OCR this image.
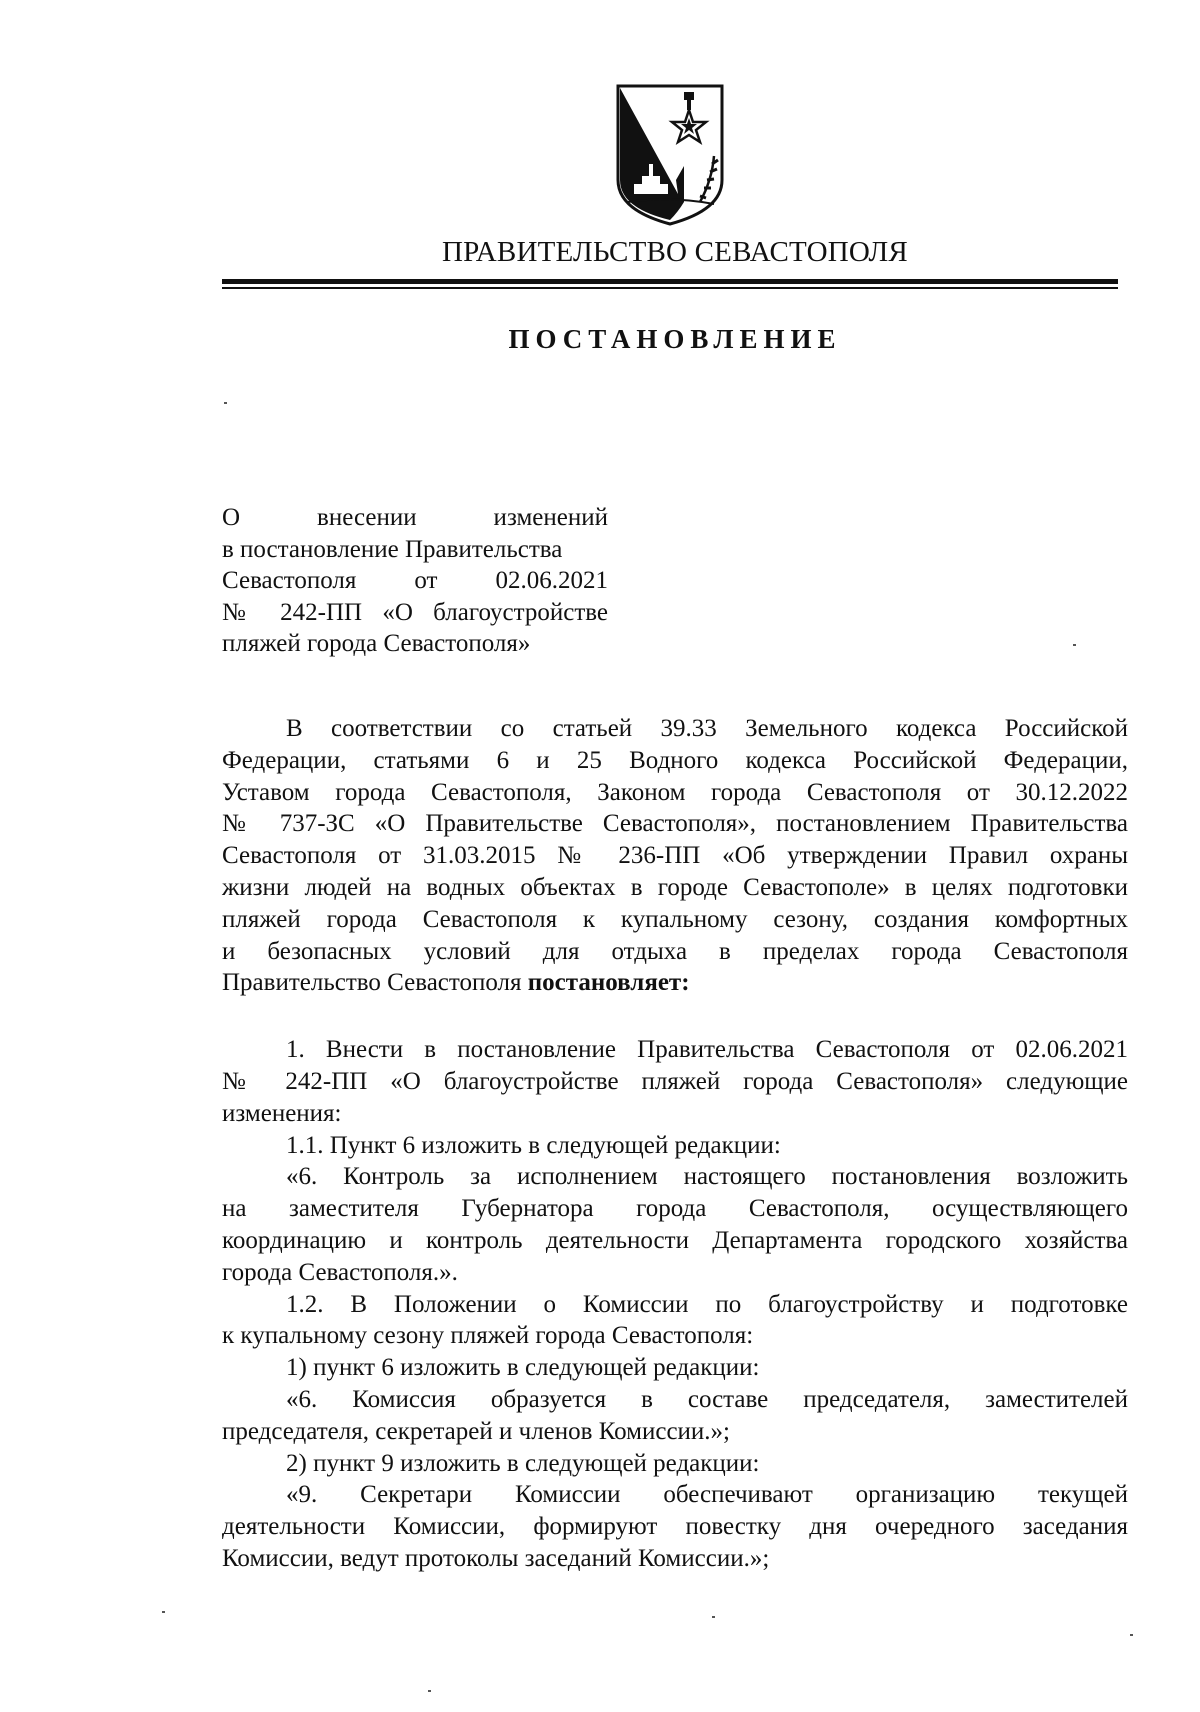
ПРАВИТЕЛЬСТВО СЕВАСТОПОЛЯ
ПОСТАНОВЛЕНИЕ
О внесении изменений
в постановление Правительства
Севастополя от 02.06.2021
№ 242-ПП «О благоустройстве
пляжей города Севастополя»
В соответствии со статьей 39.33 Земельного кодекса Российской
Федерации, статьями 6 и 25 Водного кодекса Российской Федерации,
Уставом города Севастополя, Законом города Севастополя от 30.12.2022
№ 737-ЗС «О Правительстве Севастополя», постановлением Правительства
Севастополя от 31.03.2015 № 236-ПП «Об утверждении Правил охраны
жизни людей на водных объектах в городе Севастополе» в целях подготовки
пляжей города Севастополя к купальному сезону, создания комфортных
и безопасных условий для отдыха в пределах города Севастополя
Правительство Севастополя постановляет:
1. Внести в постановление Правительства Севастополя от 02.06.2021
№ 242-ПП «О благоустройстве пляжей города Севастополя» следующие
изменения:
1.1. Пункт 6 изложить в следующей редакции:
«6. Контроль за исполнением настоящего постановления возложить
на заместителя Губернатора города Севастополя, осуществляющего
координацию и контроль деятельности Департамента городского хозяйства
города Севастополя.».
1.2. В Положении о Комиссии по благоустройству и подготовке
к купальному сезону пляжей города Севастополя:
1) пункт 6 изложить в следующей редакции:
«6. Комиссия образуется в составе председателя, заместителей
председателя, секретарей и членов Комиссии.»;
2) пункт 9 изложить в следующей редакции:
«9. Секретари Комиссии обеспечивают организацию текущей
деятельности Комиссии, формируют повестку дня очередного заседания
Комиссии, ведут протоколы заседаний Комиссии.»;
